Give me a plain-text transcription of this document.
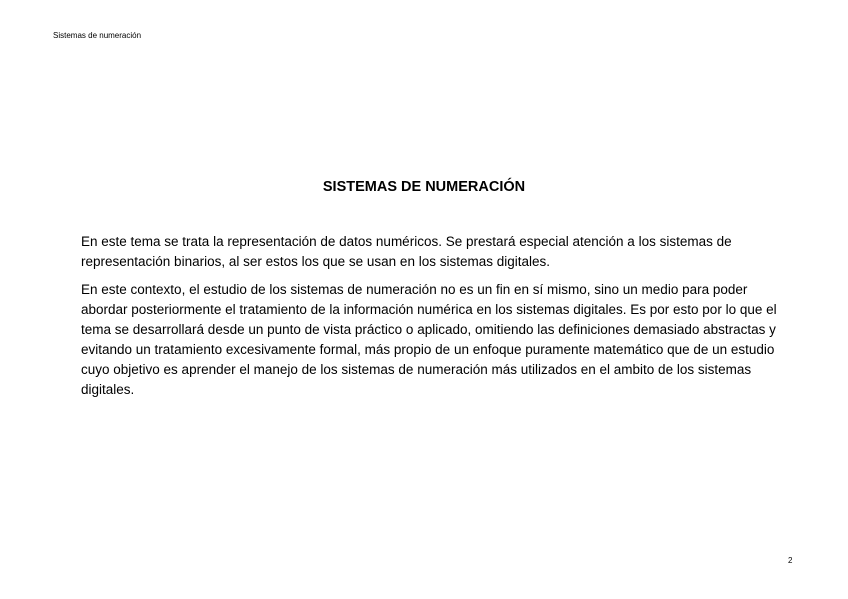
Sistemas de numeración
SISTEMAS DE NUMERACIÓN

En este tema se trata la representación de datos numéricos. Se prestará especial atención a los sistemas de representación binarios, al ser estos los que se usan en los sistemas digitales.

En este contexto, el estudio de los sistemas de numeración no es un fin en sí mismo, sino un medio para poder abordar posteriormente el tratamiento de la información numérica en los sistemas digitales. Es por esto por lo que el tema se desarrollará desde un punto de vista práctico o aplicado, omitiendo las definiciones demasiado abstractas y evitando un tratamiento excesivamente formal, más propio de un enfoque puramente matemático que de un estudio cuyo objetivo es aprender el manejo de los sistemas de numeración más utilizados en el ambito de los sistemas digitales.

2
